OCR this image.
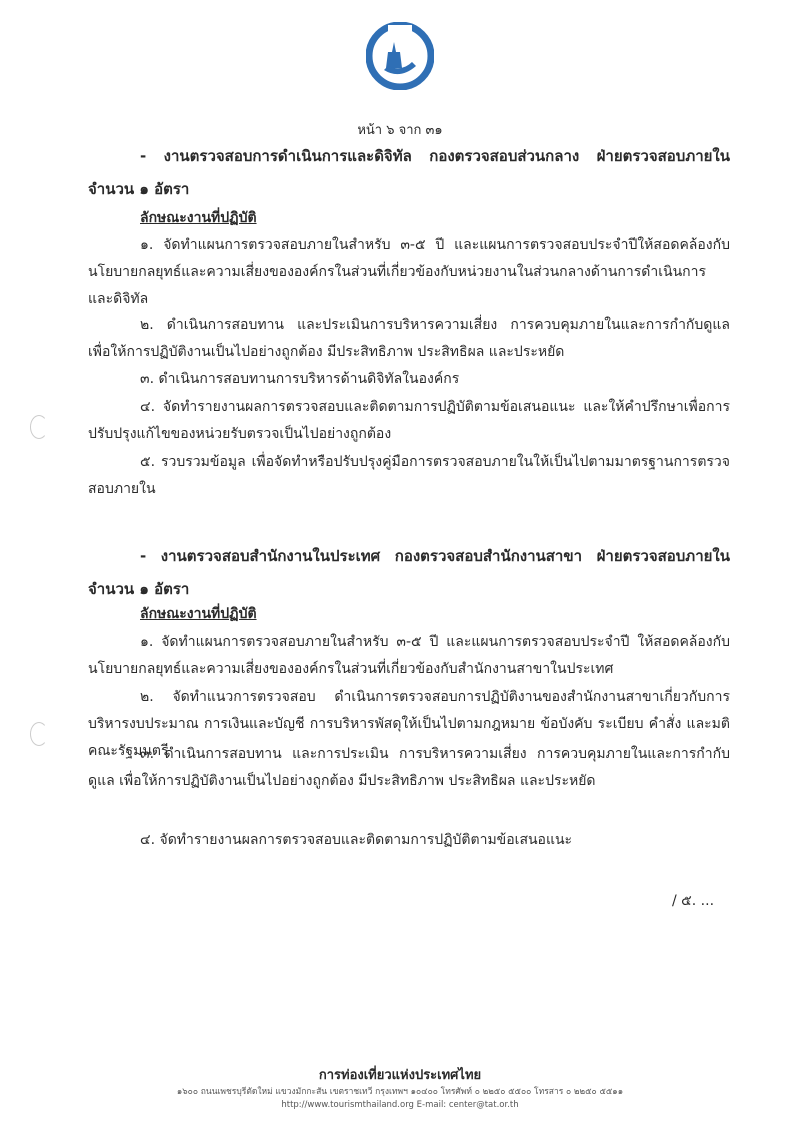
หน้า ๖ จาก ๓๑
- งานตรวจสอบการดำเนินการและดิจิทัล กองตรวจสอบส่วนกลาง ฝ่ายตรวจสอบภายใน จำนวน ๑ อัตรา
ลักษณะงานที่ปฏิบัติ
๑. จัดทำแผนการตรวจสอบภายในสำหรับ ๓-๕ ปี และแผนการตรวจสอบประจำปีให้สอดคล้องกับนโยบายกลยุทธ์และความเสี่ยงขององค์กรในส่วนที่เกี่ยวข้องกับหน่วยงานในส่วนกลางด้านการดำเนินการและดิจิทัล
๒. ดำเนินการสอบทาน และประเมินการบริหารความเสี่ยง การควบคุมภายในและการกำกับดูแล เพื่อให้การปฏิบัติงานเป็นไปอย่างถูกต้อง มีประสิทธิภาพ ประสิทธิผล และประหยัด
๓. ดำเนินการสอบทานการบริหารด้านดิจิทัลในองค์กร
๔. จัดทำรายงานผลการตรวจสอบและติดตามการปฏิบัติตามข้อเสนอแนะ และให้คำปรึกษาเพื่อการปรับปรุงแก้ไขของหน่วยรับตรวจเป็นไปอย่างถูกต้อง
๕. รวบรวมข้อมูล เพื่อจัดทำหรือปรับปรุงคู่มือการตรวจสอบภายในให้เป็นไปตามมาตรฐานการตรวจสอบภายใน
- งานตรวจสอบสำนักงานในประเทศ กองตรวจสอบสำนักงานสาขา ฝ่ายตรวจสอบภายใน จำนวน ๑ อัตรา
ลักษณะงานที่ปฏิบัติ
๑. จัดทำแผนการตรวจสอบภายในสำหรับ ๓-๕ ปี และแผนการตรวจสอบประจำปี ให้สอดคล้องกับนโยบายกลยุทธ์และความเสี่ยงขององค์กรในส่วนที่เกี่ยวข้องกับสำนักงานสาขาในประเทศ
๒. จัดทำแนวการตรวจสอบ ดำเนินการตรวจสอบการปฏิบัติงานของสำนักงานสาขาเกี่ยวกับการบริหารงบประมาณ การเงินและบัญชี การบริหารพัสดุให้เป็นไปตามกฎหมาย ข้อบังคับ ระเบียบ คำสั่ง และมติคณะรัฐมนตรี
๓. ดำเนินการสอบทาน และการประเมิน การบริหารความเสี่ยง การควบคุมภายในและการกำกับดูแล เพื่อให้การปฏิบัติงานเป็นไปอย่างถูกต้อง มีประสิทธิภาพ ประสิทธิผล และประหยัด
๔. จัดทำรายงานผลการตรวจสอบและติดตามการปฏิบัติตามข้อเสนอแนะ
/ ๕. ...
การท่องเที่ยวแห่งประเทศไทย
๑๖๐๐ ถนนเพชรบุรีตัดใหม่ แขวงมักกะสัน เขตราชเทวี กรุงเทพฯ ๑๐๔๐๐ โทรศัพท์ ๐ ๒๒๕๐ ๕๕๐๐ โทรสาร ๐ ๒๒๕๐ ๕๕๑๑
http://www.tourismthailand.org E-mail: center@tat.or.th
